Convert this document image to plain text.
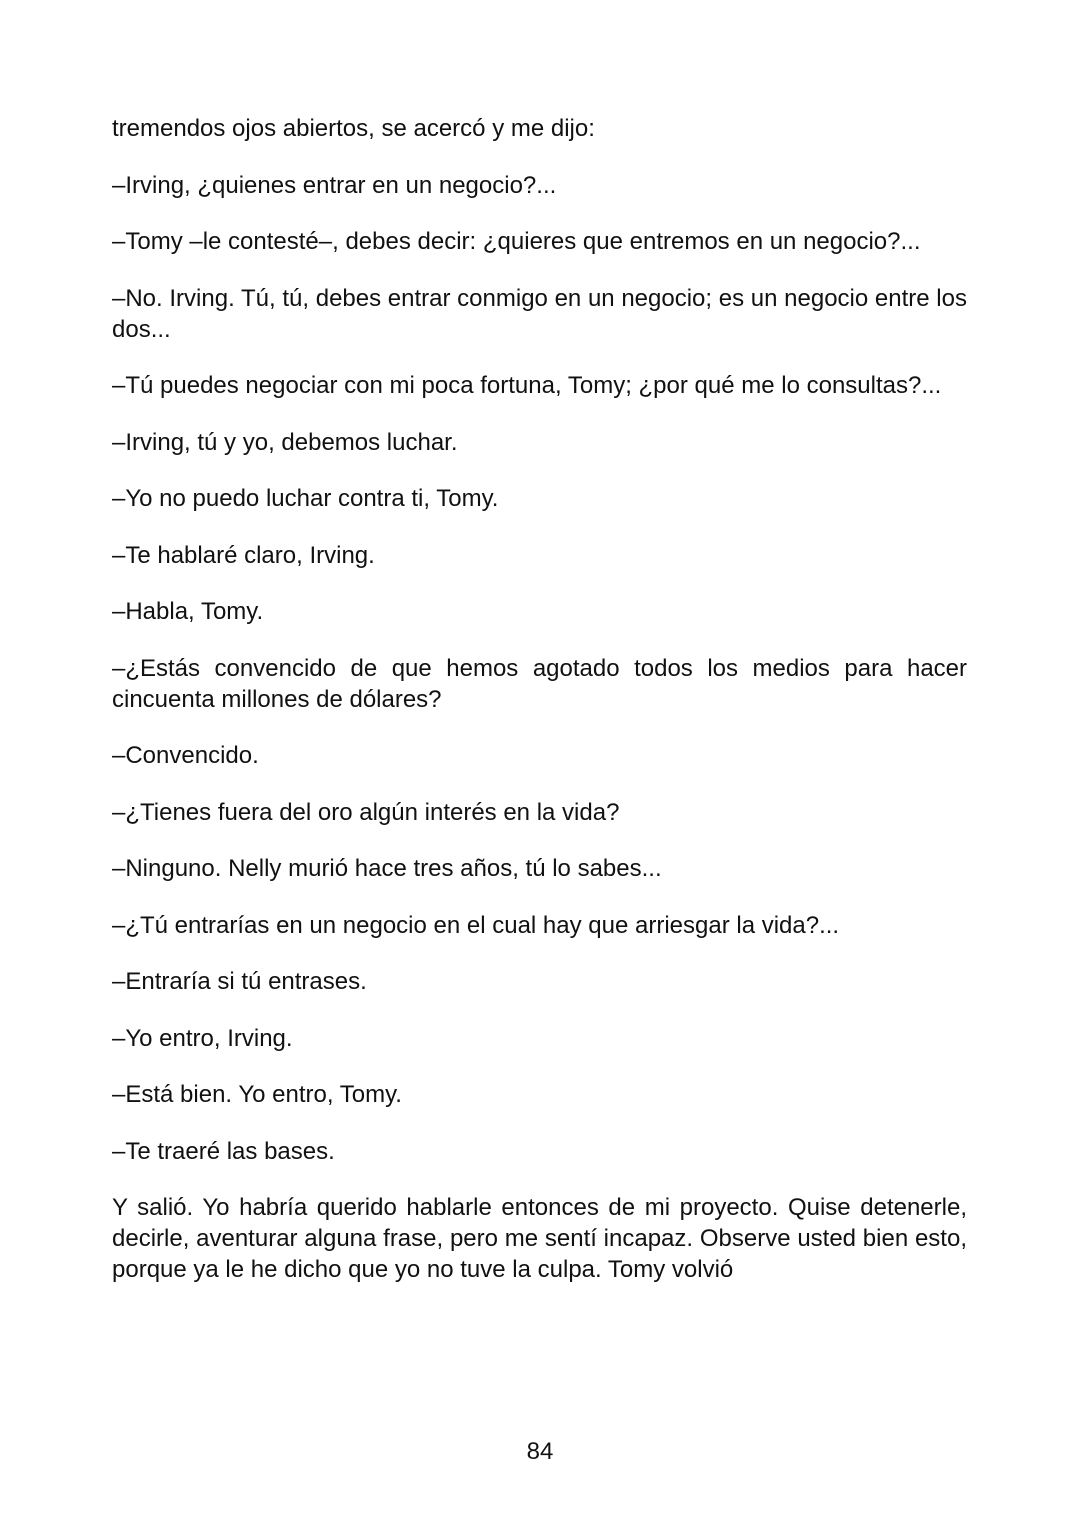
tremendos ojos abiertos, se acercó y me dijo:

–Irving, ¿quienes entrar en un negocio?...

–Tomy –le contesté–, debes decir: ¿quieres que entremos en un negocio?...

–No. Irving. Tú, tú, debes entrar conmigo en un negocio; es un negocio entre los dos...

–Tú puedes negociar con mi poca fortuna, Tomy; ¿por qué me lo consultas?...

–Irving, tú y yo, debemos luchar.

–Yo no puedo luchar contra ti, Tomy.

–Te hablaré claro, Irving.

–Habla, Tomy.

–¿Estás convencido de que hemos agotado todos los medios para hacer cincuenta millones de dólares?

–Convencido.

–¿Tienes fuera del oro algún interés en la vida?

–Ninguno. Nelly murió hace tres años, tú lo sabes...

–¿Tú entrarías en un negocio en el cual hay que arriesgar la vida?...

–Entraría si tú entrases.

–Yo entro, Irving.

–Está bien. Yo entro, Tomy.

–Te traeré las bases.

Y salió. Yo habría querido hablarle entonces de mi proyecto. Quise detenerle, decirle, aventurar alguna frase, pero me sentí incapaz. Observe usted bien esto, porque ya le he dicho que yo no tuve la culpa. Tomy volvió

84
